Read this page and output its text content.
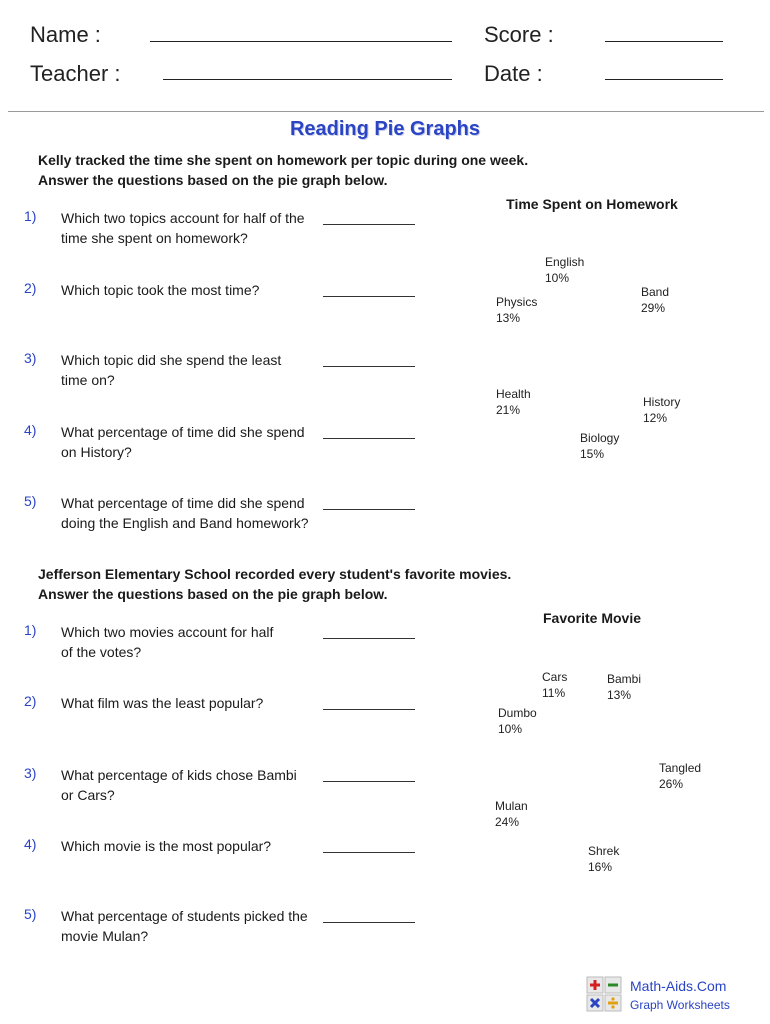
Name :
Teacher :
Score :
Date :
Reading Pie Graphs
Kelly tracked the time she spent on homework per topic during one week.
Answer the questions based on the pie graph below.
1) Which two topics account for half of the time she spent on homework?
2) Which topic took the most time?
3) Which topic did she spend the least time on?
4) What percentage of time did she spend on History?
5) What percentage of time did she spend doing the English and Band homework?
Time Spent on Homework
English
10%
Band
29%
History
12%
Biology
15%
Health
21%
Physics
13%
Jefferson Elementary School recorded every student's favorite movies.
Answer the questions based on the pie graph below.
1) Which two movies account for half of the votes?
2) What film was the least popular?
3) What percentage of kids chose Bambi or Cars?
4) Which movie is the most popular?
5) What percentage of students picked the movie Mulan?
Favorite Movie
Cars
11%
Bambi
13%
Tangled
26%
Shrek
16%
Mulan
24%
Dumbo
10%
Math-Aids.Com
Graph Worksheets
